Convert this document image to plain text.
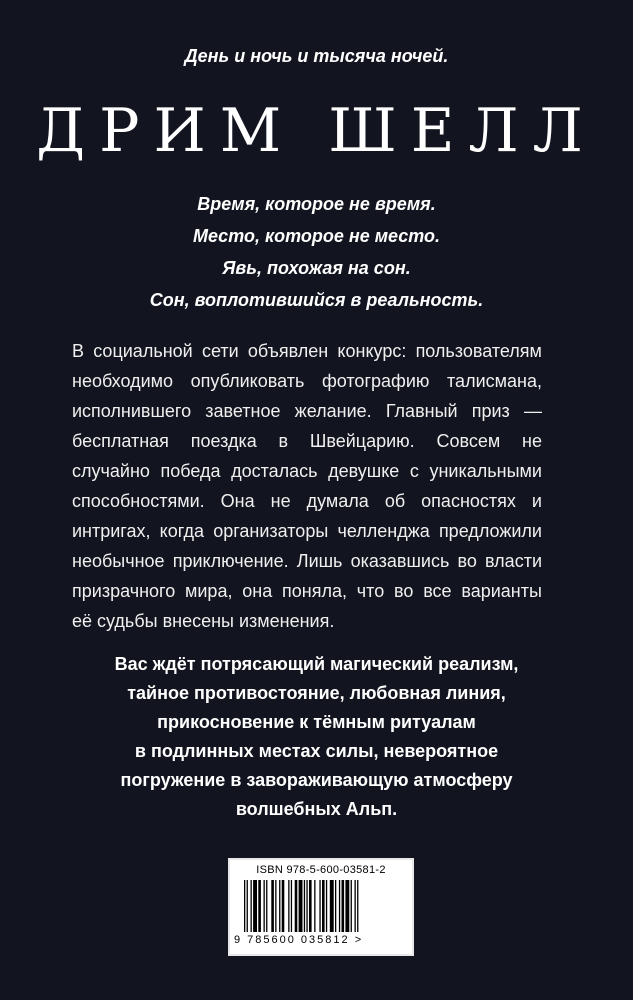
День и ночь и тысяча ночей.
ДРИМ ШЕЛЛ
Время, которое не время.
Место, которое не место.
Явь, похожая на сон.
Сон, воплотившийся в реальность.
В социальной сети объявлен конкурс: пользователям
необходимо опубликовать фотографию талисмана,
исполнившего заветное желание. Главный приз —
бесплатная поездка в Швейцарию. Совсем не
случайно победа досталась девушке с уникальными
способностями. Она не думала об опасностях и
интригах, когда организаторы челленджа предложили
необычное приключение. Лишь оказавшись во власти
призрачного мира, она поняла, что во все варианты
её судьбы внесены изменения.
Вас ждёт потрясающий магический реализм,
тайное противостояние, любовная линия,
прикосновение к тёмным ритуалам
в подлинных местах силы, невероятное
погружение в завораживающую атмосферу
волшебных Альп.
ISBN 978-5-600-03581-2
9 785600 035812 >
